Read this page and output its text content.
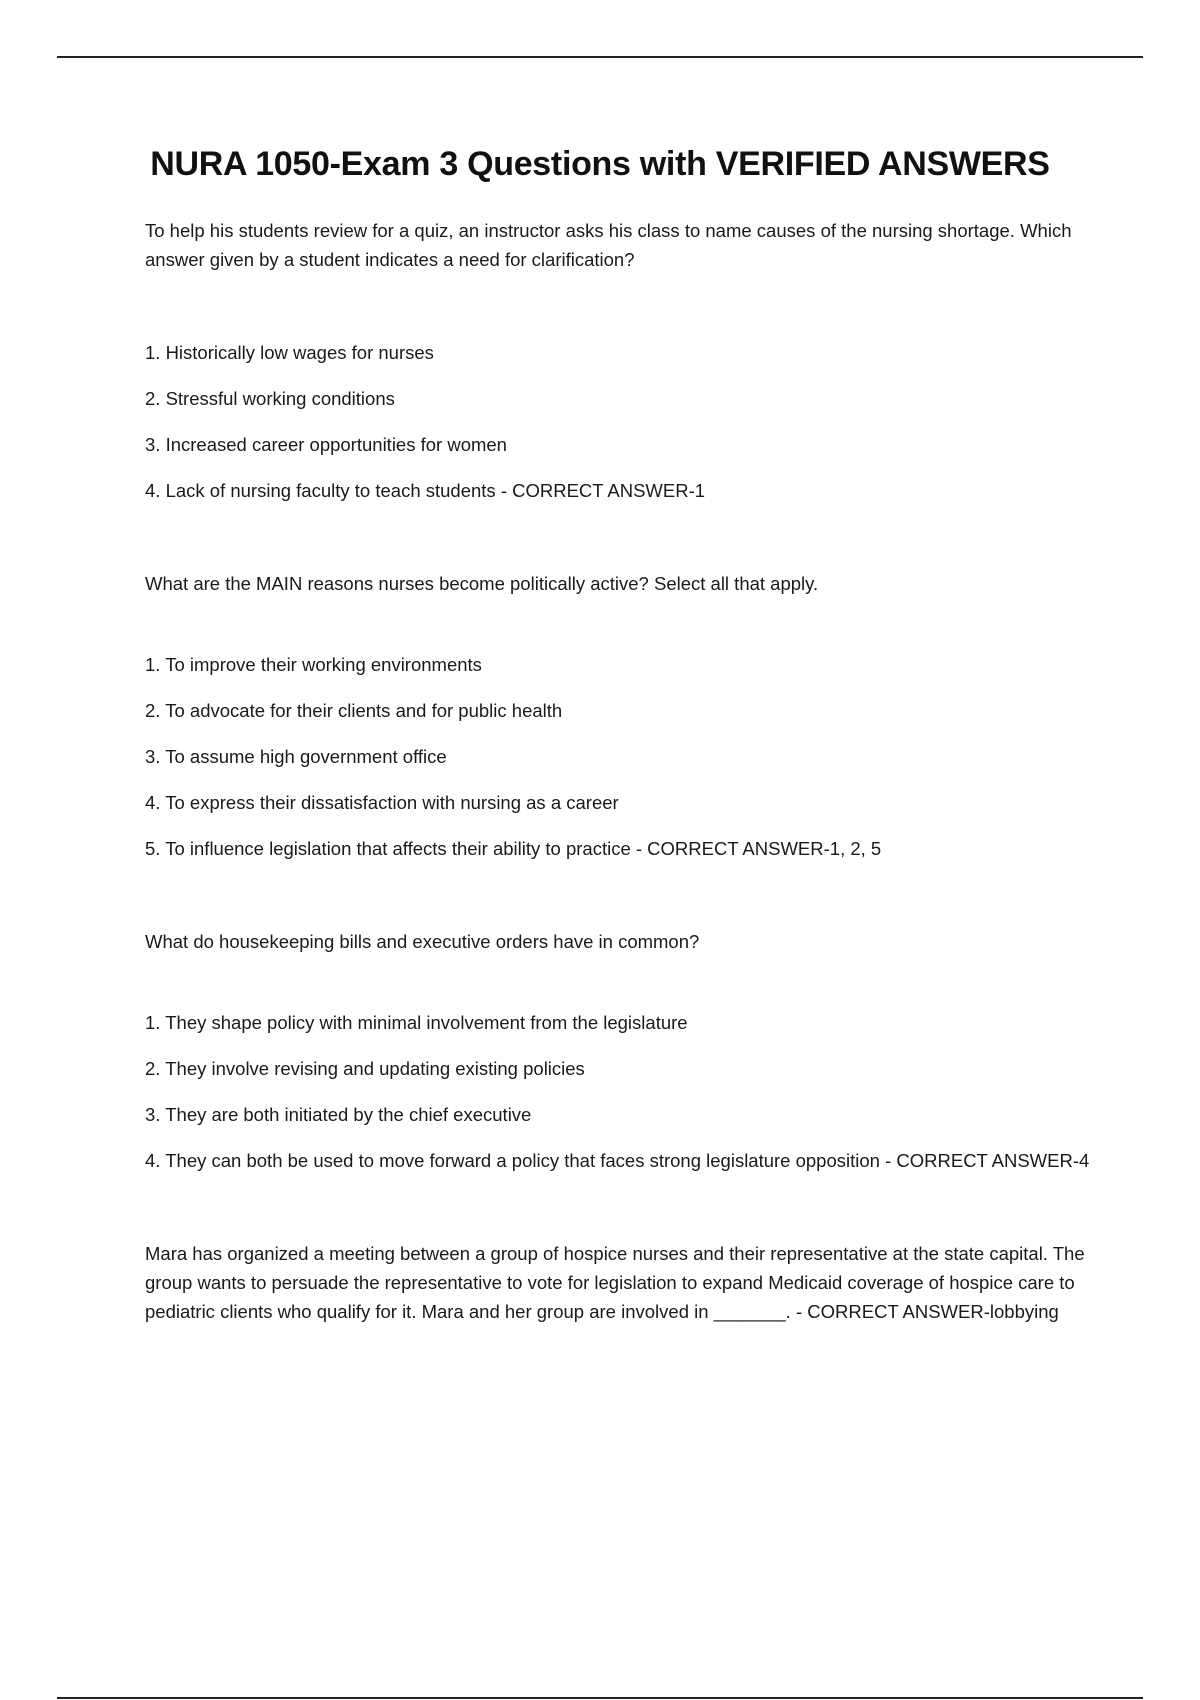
NURA 1050-Exam 3 Questions with VERIFIED ANSWERS

To help his students review for a quiz, an instructor asks his class to name causes of the nursing shortage. Which answer given by a student indicates a need for clarification?

1. Historically low wages for nurses
2. Stressful working conditions
3. Increased career opportunities for women
4. Lack of nursing faculty to teach students - CORRECT ANSWER-1

What are the MAIN reasons nurses become politically active? Select all that apply.

1. To improve their working environments
2. To advocate for their clients and for public health
3. To assume high government office
4. To express their dissatisfaction with nursing as a career
5. To influence legislation that affects their ability to practice - CORRECT ANSWER-1, 2, 5

What do housekeeping bills and executive orders have in common?

1. They shape policy with minimal involvement from the legislature
2. They involve revising and updating existing policies
3. They are both initiated by the chief executive
4. They can both be used to move forward a policy that faces strong legislature opposition - CORRECT ANSWER-4

Mara has organized a meeting between a group of hospice nurses and their representative at the state capital. The group wants to persuade the representative to vote for legislation to expand Medicaid coverage of hospice care to pediatric clients who qualify for it. Mara and her group are involved in _______. - CORRECT ANSWER-lobbying
